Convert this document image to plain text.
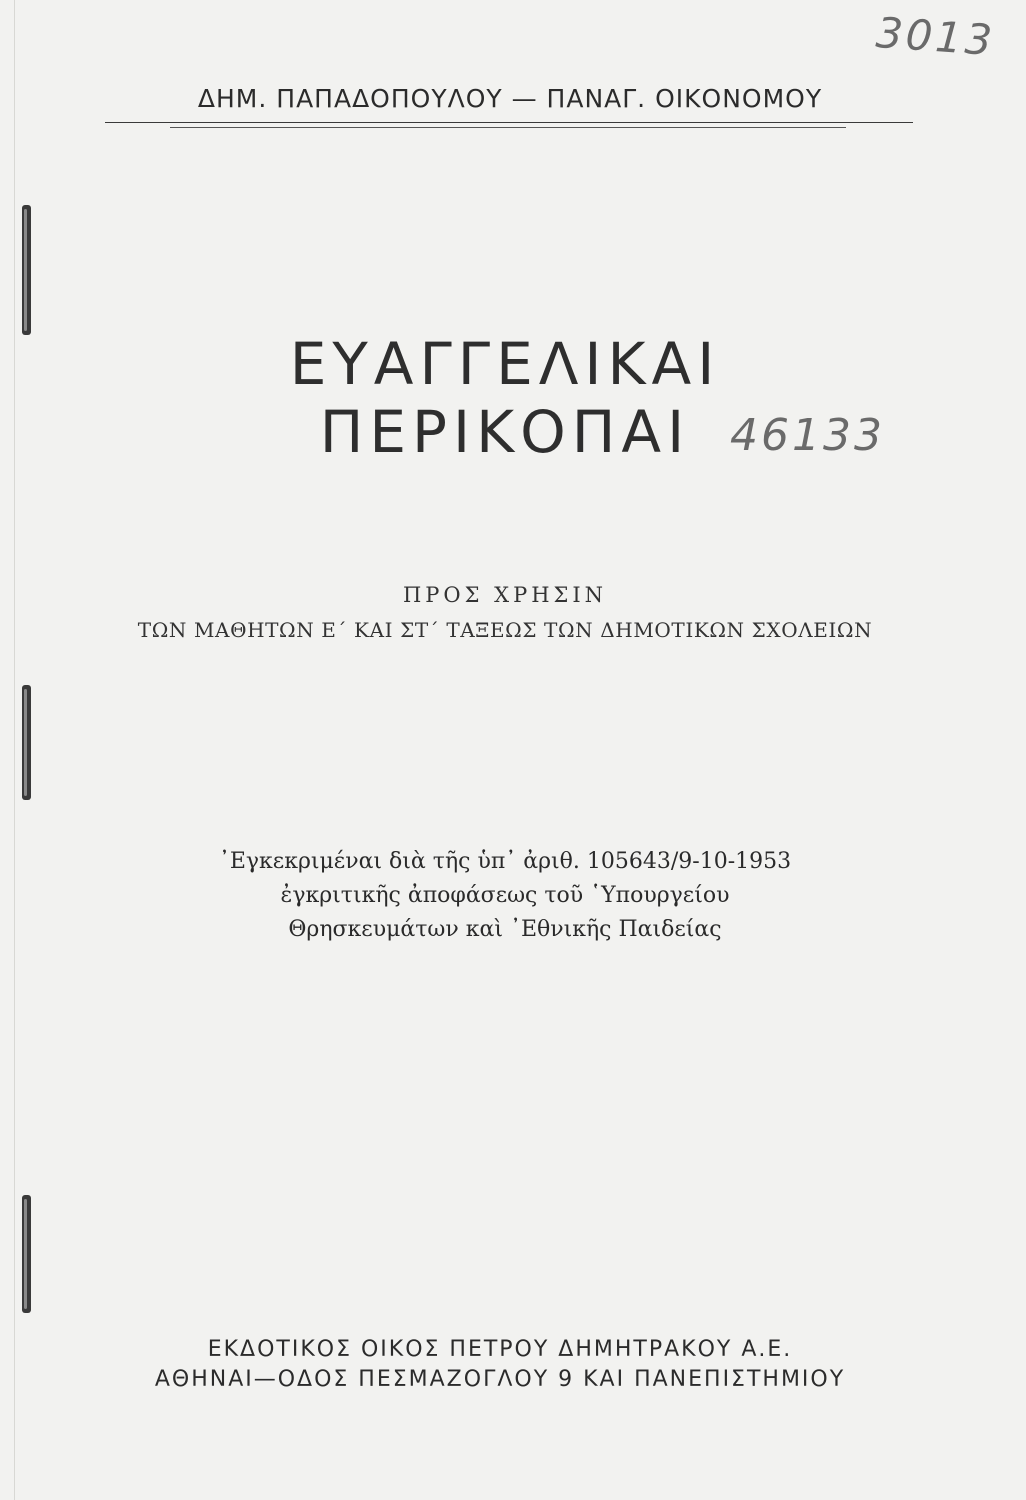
3013
ΔΗΜ. ΠΑΠΑΔΟΠΟΥΛΟΥ — ΠΑΝΑΓ. ΟΙΚΟΝΟΜΟΥ
ΕΥΑΓΓΕΛΙΚΑΙ ΠΕΡΙΚΟΠΑΙ 46133
ΠΡΟΣ ΧΡΗΣΙΝ
ΤΩΝ ΜΑΘΗΤΩΝ Ε΄ ΚΑΙ ΣΤ΄ ΤΑΞΕΩΣ ΤΩΝ ΔΗΜΟΤΙΚΩΝ ΣΧΟΛΕΙΩΝ
᾿Εγκεκριμέναι διὰ τῆς ὑπ᾿ ἀριθ. 105643/9-10-1953
ἐγκριτικῆς ἀποφάσεως τοῦ ῾Υπουργείου
Θρησκευμάτων καὶ ᾿Εθνικῆς Παιδείας
ΕΚΔΟΤΙΚΟΣ ΟΙΚΟΣ ΠΕΤΡΟΥ ΔΗΜΗΤΡΑΚΟΥ Α.Ε.
ΑΘΗΝΑΙ—ΟΔΟΣ ΠΕΣΜΑΖΟΓΛΟΥ 9 ΚΑΙ ΠΑΝΕΠΙΣΤΗΜΙΟΥ
